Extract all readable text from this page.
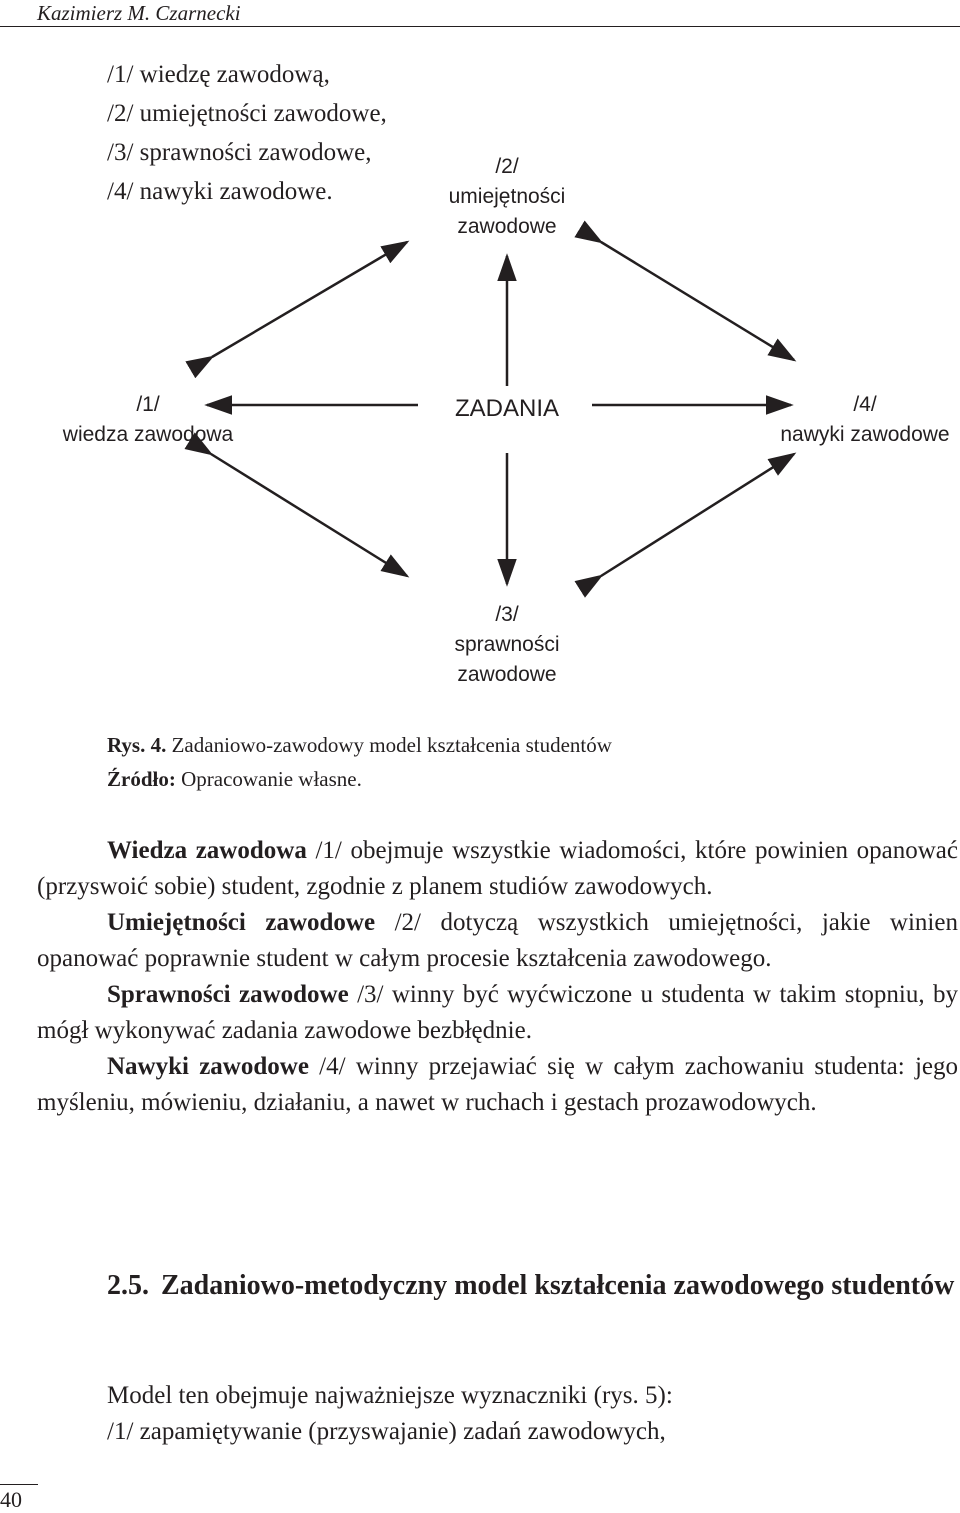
Kazimierz M. Czarnecki
/1/ wiedzę zawodową,
/2/ umiejętności zawodowe,
/3/ sprawności zawodowe,
/4/ nawyki zawodowe.
/2/
umiejętności
zawodowe
ZADANIA
/1/
wiedza zawodowa
/4/
nawyki zawodowe
/3/
sprawności
zawodowe
Rys. 4. Zadaniowo-zawodowy model kształcenia studentów
Źródło: Opracowanie własne.

Wiedza zawodowa /1/ obejmuje wszystkie wiadomości, które powinien opanować (przyswoić sobie) student, zgodnie z planem studiów zawodowych.

Umiejętności zawodowe /2/ dotyczą wszystkich umiejętności, jakie winien opanować poprawnie student w całym procesie kształcenia zawodowego.

Sprawności zawodowe /3/ winny być wyćwiczone u studenta w takim stopniu, by mógł wykonywać zadania zawodowe bezbłędnie.

Nawyki zawodowe /4/ winny przejawiać się w całym zachowaniu studenta: jego myśleniu, mówieniu, działaniu, a nawet w ruchach i gestach prozawodowych.

2.5. Zadaniowo-metodyczny model kształcenia zawodowego studentów
Model ten obejmuje najważniejsze wyznaczniki (rys. 5):
/1/ zapamiętywanie (przyswajanie) zadań zawodowych,
40
